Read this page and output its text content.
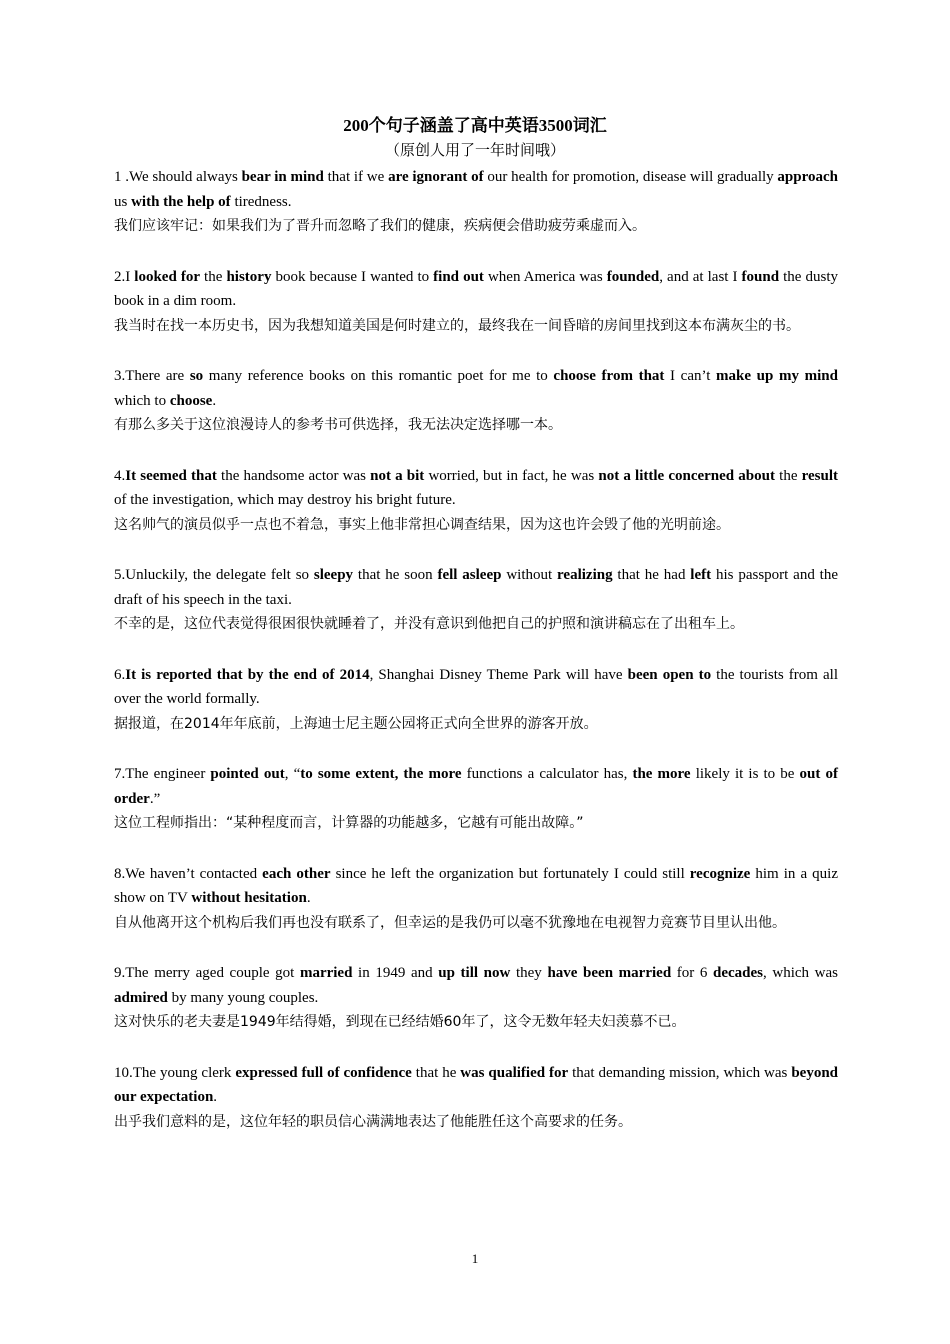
200个句子涵盖了高中英语3500词汇
（原创人用了一年时间哦）

1 .We should always bear in mind that if we are ignorant of our health for promotion, disease will gradually approach us with the help of tiredness.

我们应该牢记：如果我们为了晋升而忽略了我们的健康，疾病便会借助疲劳乘虚而入。

2.I looked for the history book because I wanted to find out when America was founded, and at last I found the dusty book in a dim room.

我当时在找一本历史书，因为我想知道美国是何时建立的，最终我在一间昏暗的房间里找到这本布满灰尘的书。

3.There are so many reference books on this romantic poet for me to choose from that I can’t make up my mind which to choose.

有那么多关于这位浪漫诗人的参考书可供选择，我无法决定选择哪一本。

4.It seemed that the handsome actor was not a bit worried, but in fact, he was not a little concerned about the result of the investigation, which may destroy his bright future.

这名帅气的演员似乎一点也不着急，事实上他非常担心调查结果，因为这也许会毁了他的光明前途。

5.Unluckily, the delegate felt so sleepy that he soon fell asleep without realizing that he had left his passport and the draft of his speech in the taxi.

不幸的是，这位代表觉得很困很快就睡着了，并没有意识到他把自己的护照和演讲稿忘在了出租车上。

6.It is reported that by the end of 2014, Shanghai Disney Theme Park will have been open to the tourists from all over the world formally.

据报道，在2014年年底前，上海迪士尼主题公园将正式向全世界的游客开放。

7.The engineer pointed out, “to some extent, the more functions a calculator has, the more likely it is to be out of order.”

这位工程师指出：“某种程度而言，计算器的功能越多，它越有可能出故障。”

8.We haven’t contacted each other since he left the organization but fortunately I could still recognize him in a quiz show on TV without hesitation.

自从他离开这个机构后我们再也没有联系了，但幸运的是我仍可以毫不犹豫地在电视智力竞赛节目里认出他。

9.The merry aged couple got married in 1949 and up till now they have been married for 6 decades, which was admired by many young couples.

这对快乐的老夫妻是1949年结得婚，到现在已经结婚60年了，这令无数年轻夫妇羡慕不已。

10.The young clerk expressed full of confidence that he was qualified for that demanding mission, which was beyond our expectation.

出乎我们意料的是，这位年轻的职员信心满满地表达了他能胜任这个高要求的任务。

1
